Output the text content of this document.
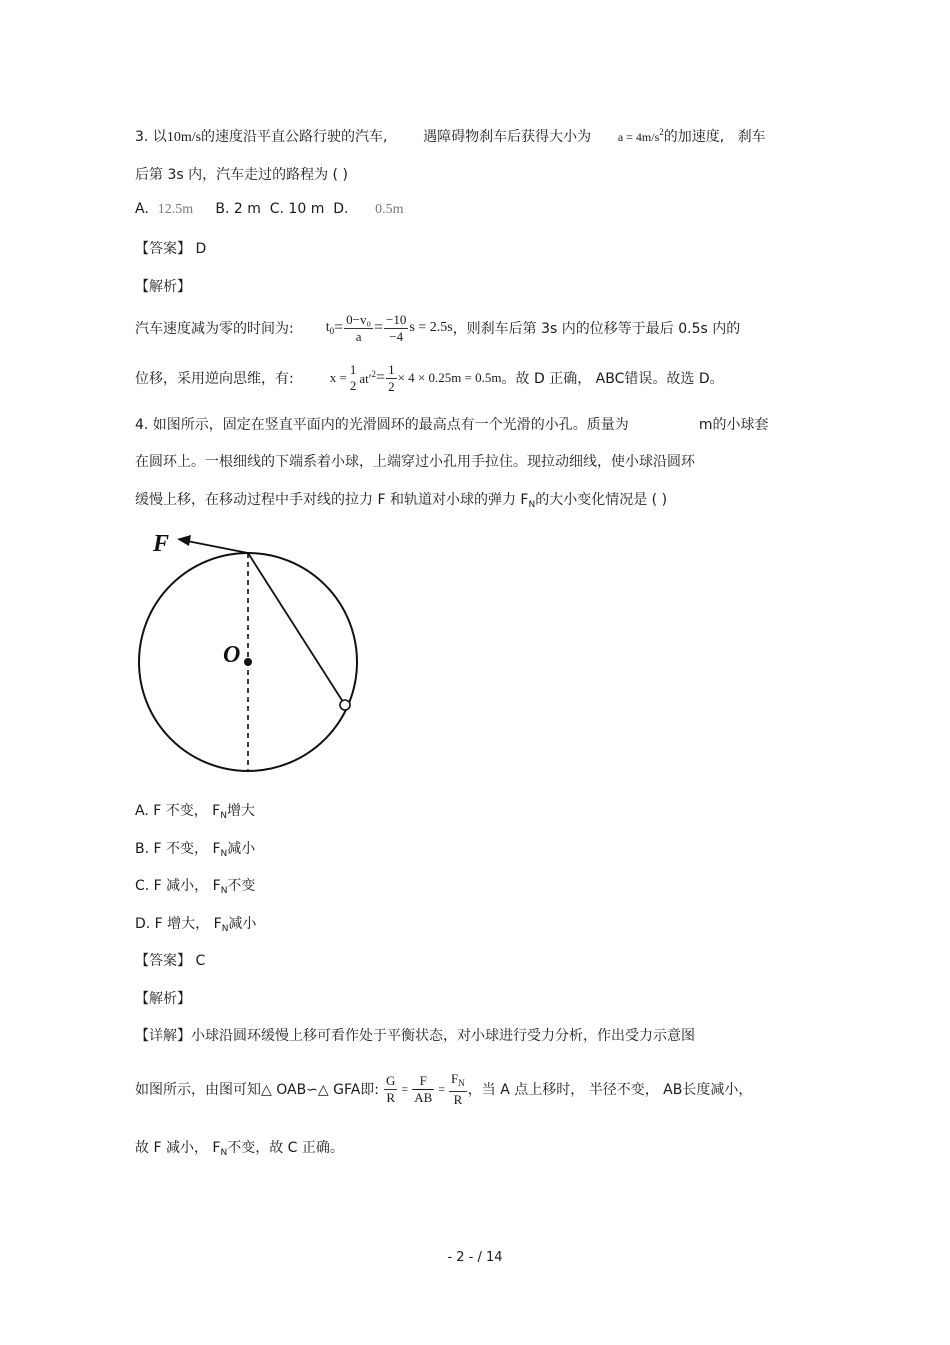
3. 以10m/s的速度沿平直公路行驶的汽车,	遇障碍物刹车后获得大小为 $a = 4m/s^2$的加速度, 刹车
后第 3s 内，汽车走过的路程为 ( )
A. 12.5m B. 2 m C. 10 m D. 0.5m
【答案】 D
【解析】
汽车速度减为零的时间为: $t_0 = \frac{\text{0−v₀}}{a} = \frac{-10}{-4}$ s = 2.5s ，则刹车后第 3s 内的位移等于最后 0.5s 内的
位移，采用逆向思维，有:	x =
1
2 $at'^2 = \frac{1}{2} \times 4 \times 0.25m = 0.5m$ 。故 D 正确， ABC错误。故选 D。
4. 如图所示，固定在竖直平面内的光滑圆环的最高点有一个光滑的小孔。质量为	m的小球套
在圆环上。一根细线的下端系着小球，上端穿过小孔用手拉住。现拉动细线，使小球沿圆环
缓慢上移，在移动过程中手对线的拉力 F 和轨道对小球的弹力 $F_N$的大小变化情况是 ( )
F
O
A. F 不变， $F_N$增大
B. F 不变， $F_N$减小
C. F 减小， $F_N$不变
D. F 增大， $F_N$减小
【答案】 C
【解析】
【详解】小球沿圆环缓慢上移可看作处于平衡状态，对小球进行受力分析，作出受力示意图
如图所示，由图可知△ OAB∽△ GFA即: $\frac{G}{R} = \frac{F}{AB} = \frac{F_N}{R}$ ，当 A 点上移时， 半径不变， AB长度减小，
故 F 减小， $F_N$不变，故 C 正确。
- 2 - / 14
